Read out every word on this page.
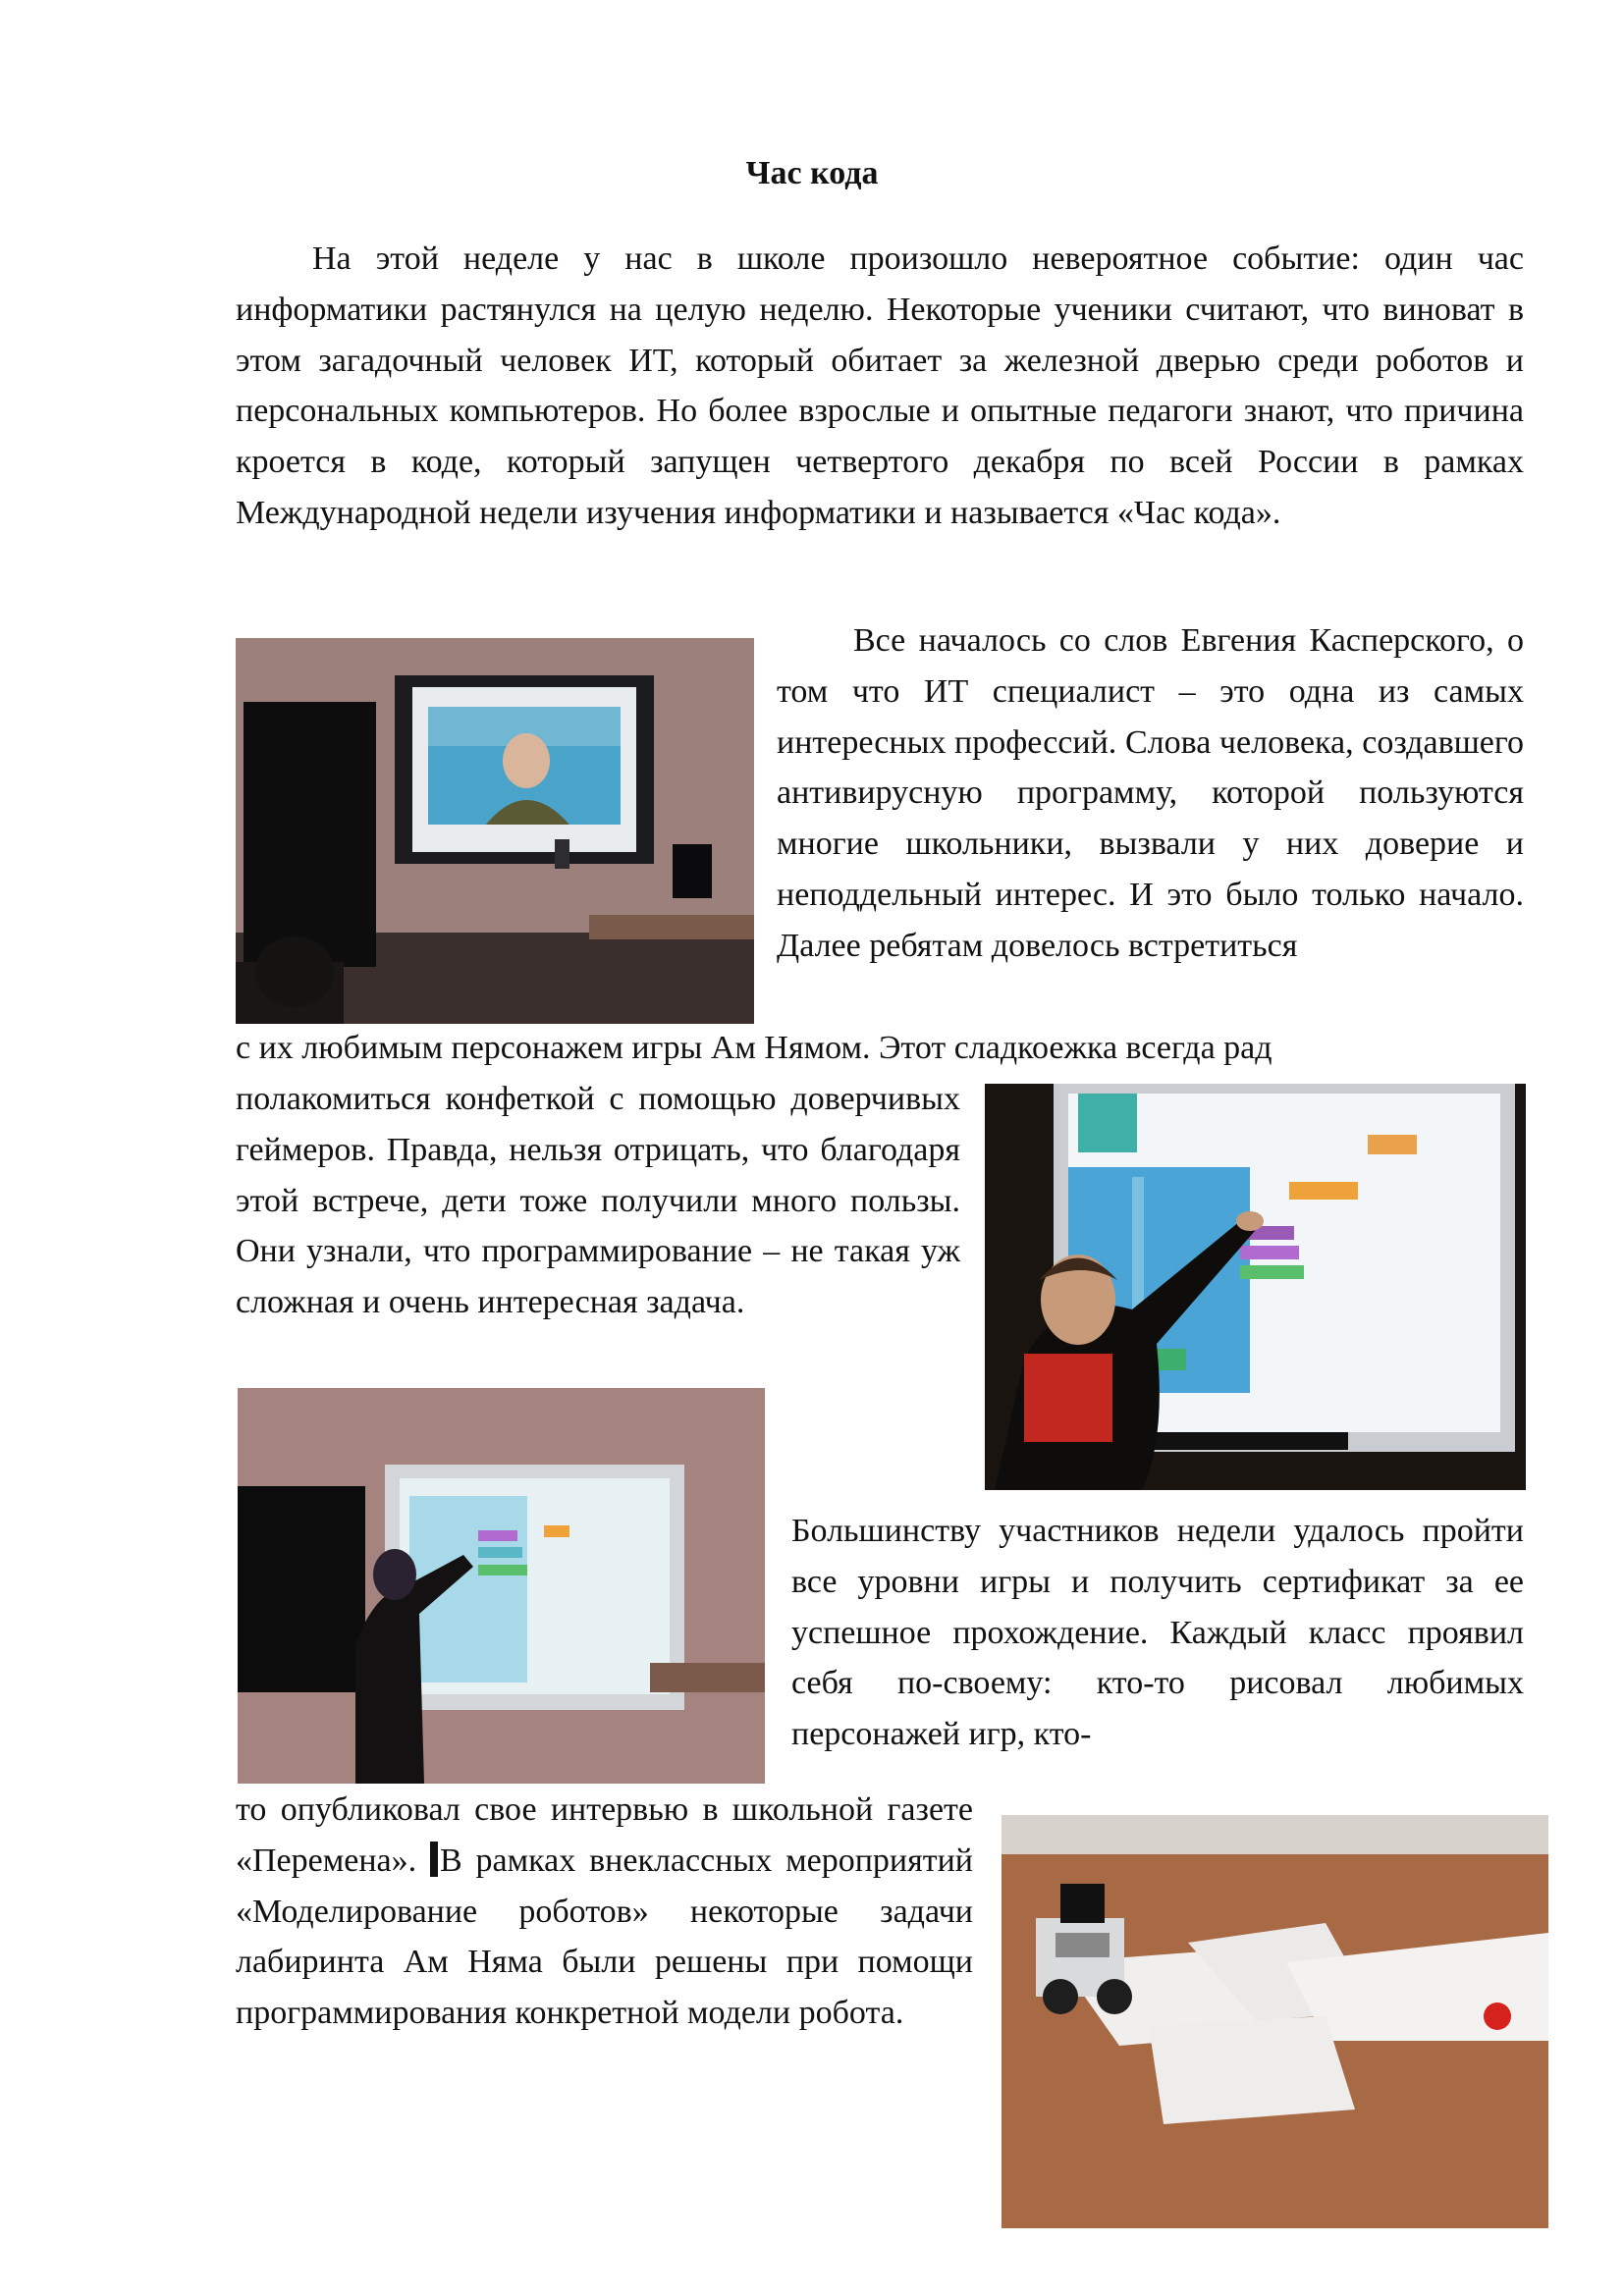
Час кода

На этой неделе у нас в школе произошло невероятное событие: один час информатики растянулся на целую неделю. Некоторые ученики считают, что виноват в этом загадочный человек ИТ, который обитает за железной дверью среди роботов и персональных компьютеров. Но более взрослые и опытные педагоги знают, что причина кроется в коде, который запущен четвертого декабря по всей России в рамках Международной недели изучения информатики и называется «Час кода».

Все началось со слов Евгения Касперского, о том что ИТ специалист – это одна из самых интересных профессий. Слова человека, создавшего антивирусную программу, которой пользуются многие школьники, вызвали у них доверие и неподдельный интерес. И это было только начало. Далее ребятам довелось встретиться

с их любимым персонажем игры Ам Нямом. Этот сладкоежка всегда рад

полакомиться конфеткой с помощью доверчивых геймеров. Правда, нельзя отрицать, что благодаря этой встрече, дети тоже получили много пользы. Они узнали, что программирование – не такая уж сложная и очень интересная задача.

Большинству участников недели удалось пройти все уровни игры и получить сертификат за ее успешное прохождение. Каждый класс проявил себя по-своему: кто-то рисовал любимых персонажей игр, кто-

то опубликовал свое интервью в школьной газете «Перемена». В рамках внеклассных мероприятий «Моделирование роботов» некоторые задачи лабиринта Ам Няма были решены при помощи программирования конкретной модели робота.
